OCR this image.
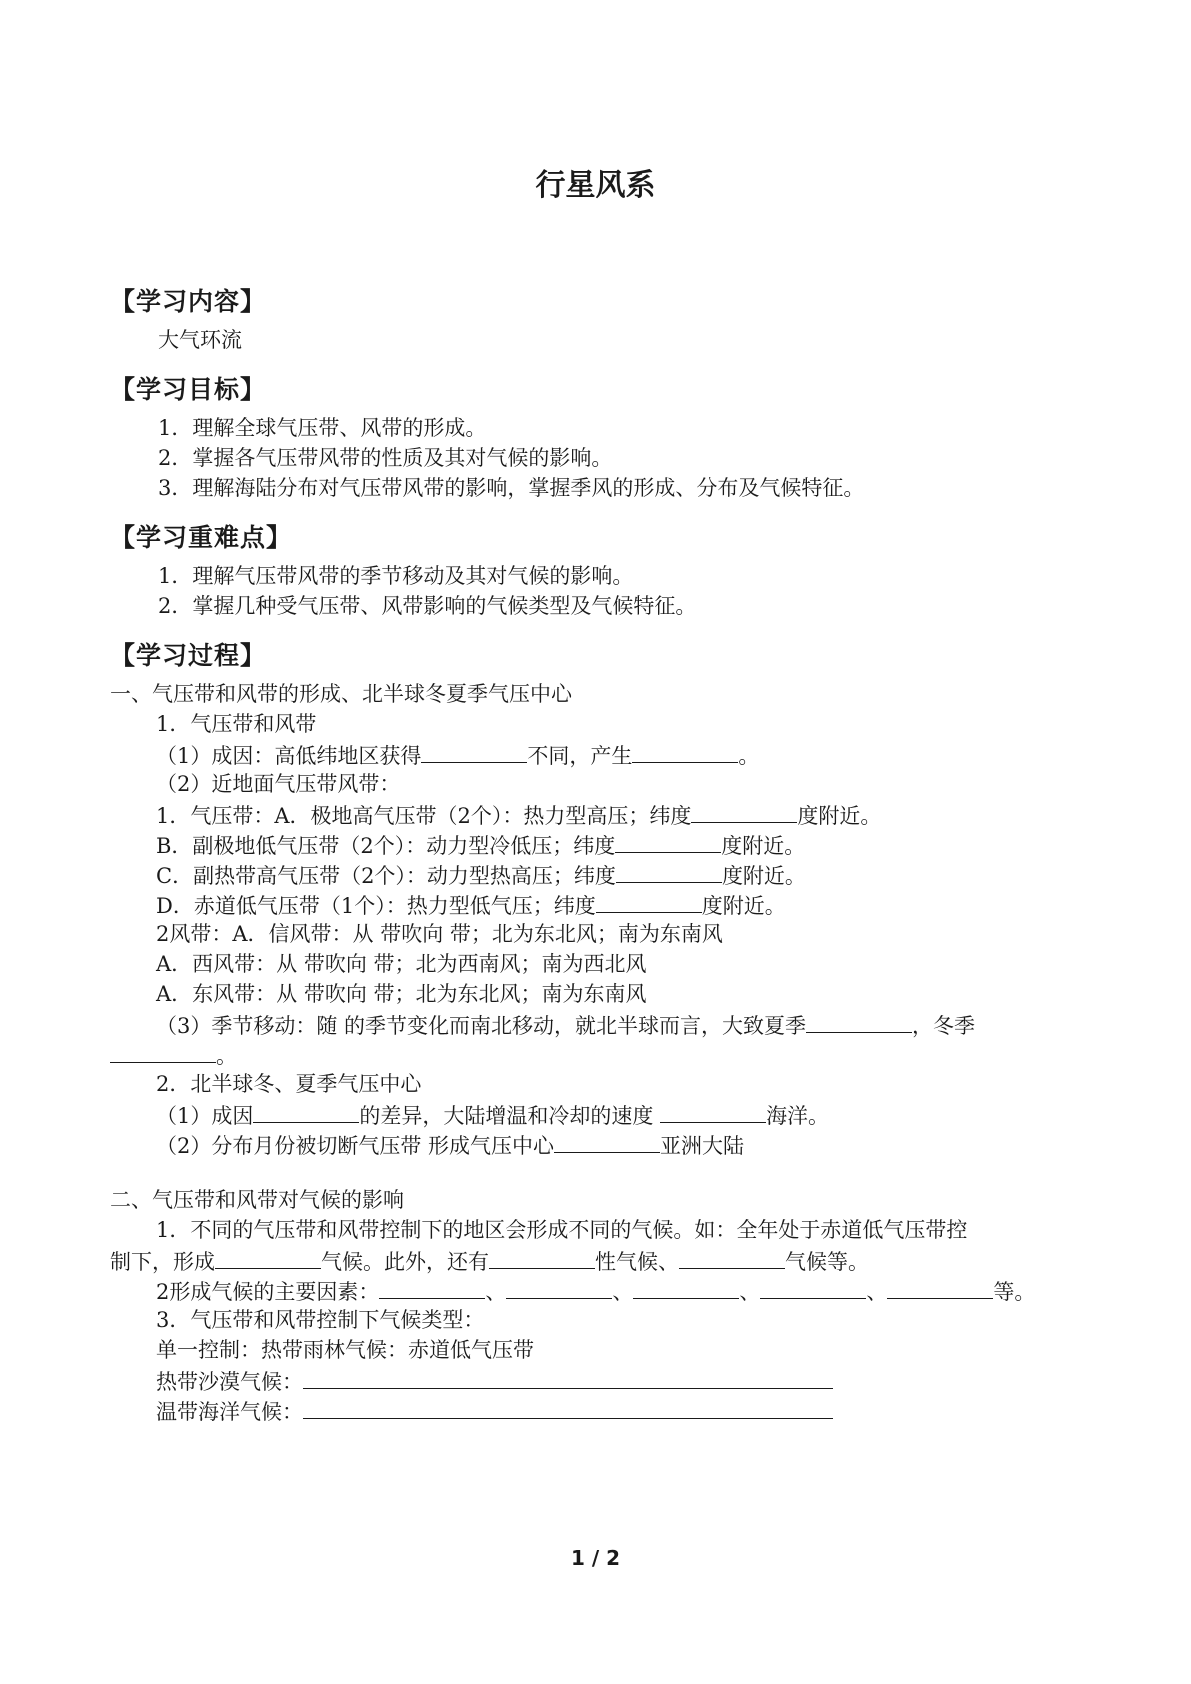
行星风系
【学习内容】
大气环流
【学习目标】
1．理解全球气压带、风带的形成。
2．掌握各气压带风带的性质及其对气候的影响。
3．理解海陆分布对气压带风带的影响，掌握季风的形成、分布及气候特征。
【学习重难点】
1．理解气压带风带的季节移动及其对气候的影响。
2．掌握几种受气压带、风带影响的气候类型及气候特征。
【学习过程】
一、气压带和风带的形成、北半球冬夏季气压中心
1．气压带和风带
（1）成因：高低纬地区获得	不同，产生	。
（2）近地面气压带风带：
1．气压带：A．极地高气压带（2个）：热力型高压；纬度	度附近。
B．副极地低气压带（2个）：动力型冷低压；纬度	度附近。
C．副热带高气压带（2个）：动力型热高压；纬度	度附近。
D．赤道低气压带（1个）：热力型低气压；纬度	度附近。
2风带：A．信风带：从 带吹向 带；北为东北风；南为东南风
A．西风带：从 带吹向 带；北为西南风；南为西北风
A．东风带：从 带吹向 带；北为东北风；南为东南风
（3）季节移动：随 的季节变化而南北移动，就北半球而言，大致夏季	，冬季
。
2．北半球冬、夏季气压中心
（1）成因	的差异，大陆增温和冷却的速度	海洋。
（2）分布月份被切断气压带 形成气压中心	亚洲大陆
二、气压带和风带对气候的影响
1．不同的气压带和风带控制下的地区会形成不同的气候。如：全年处于赤道低气压带控
制下，形成	气候。此外，还有	性气候、	气候等。
2形成气候的主要因素：	、	、	、	、	等。
3．气压带和风带控制下气候类型：
单一控制：热带雨林气候：赤道低气压带
热带沙漠气候：
温带海洋气候：
1 / 2
